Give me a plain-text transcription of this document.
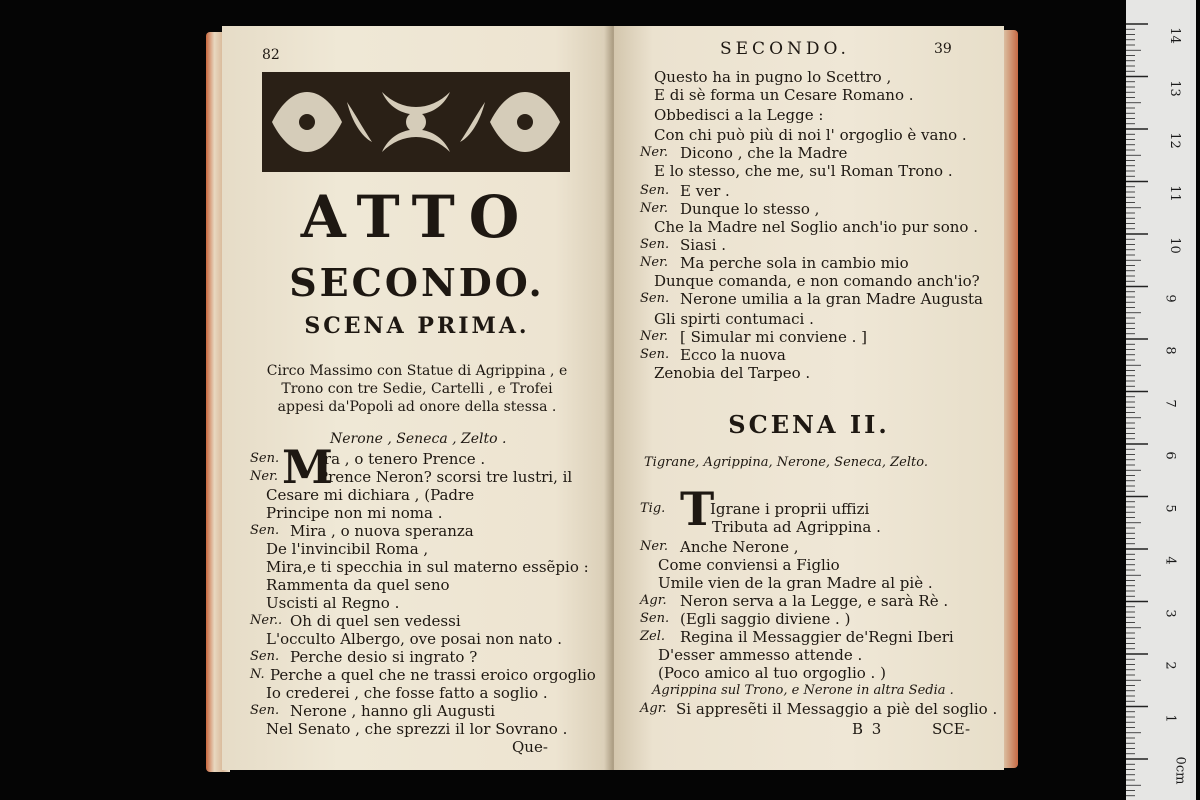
82
ATTO
SECONDO.
SCENA PRIMA.
Circo Massimo con Statue di Agrippina , e
Trono con tre Sedie, Cartelli , e Trofei
appesi da'Popoli ad onore della stessa .
Nerone , Seneca , Zelto .
M
Sen.	Ira , o tenero Prence .
Ner.	Prence Neron? scorsi tre lustri, il
Cesare mi dichiara , (Padre
Principe non mi noma .
Sen. Mira , o nuova speranza
De l'invincibil Roma ,
Mira,e ti specchia in sul materno essẽpio :
Rammenta da quel seno
Uscisti al Regno .
Ner.. Oh di quel sen vedessi
L'occulto Albergo, ove posai non nato .
Sen. Perche desio si ingrato ?
N. Perche a quel che ne trassi eroico orgoglio
Io crederei , che fosse fatto a soglio .
Sen. Nerone , hanno gli Augusti
Nel Senato , che sprezzi il lor Sovrano .
Que-
SECONDO.	39
Questo ha in pugno lo Scettro ,
E di sè forma un Cesare Romano .
Obbedisci a la Legge :
Con chi può più di noi l' orgoglio è vano .
Ner. Dicono , che la Madre
E lo stesso, che me, su'l Roman Trono .
Sen. E ver .
Ner. Dunque lo stesso ,
Che la Madre nel Soglio anch'io pur sono .
Sen. Siasi .
Ner. Ma perche sola in cambio mio
Dunque comanda, e non comando anch'io?
Sen. Nerone umilia a la gran Madre Augusta
Gli spirti contumaci .
Ner. [ Simular mi conviene . ]
Sen. Ecco la nuova
Zenobia del Tarpeo .
SCENA II.
Tigrane, Agrippina, Nerone, Seneca, Zelto.
T
Tig.	Igrane i proprii uffizi
Tributa ad Agrippina .
Ner. Anche Nerone ,
Come conviensi a Figlio
Umile vien de la gran Madre al piè .
Agr. Neron serva a la Legge, e sarà Rè .
Sen. (Egli saggio diviene . )
Zel. Regina il Messaggier de'Regni Iberi
D'esser ammesso attende .
(Poco amico al tuo orgoglio . )
Agrippina sul Trono, e Nerone in altra Sedia .
Agr. Si appresẽti il Messaggio a piè del soglio .
B 3	SCE-
14
13
12
11
10
9
8
7
6
5
4
3
2
1
0cm
